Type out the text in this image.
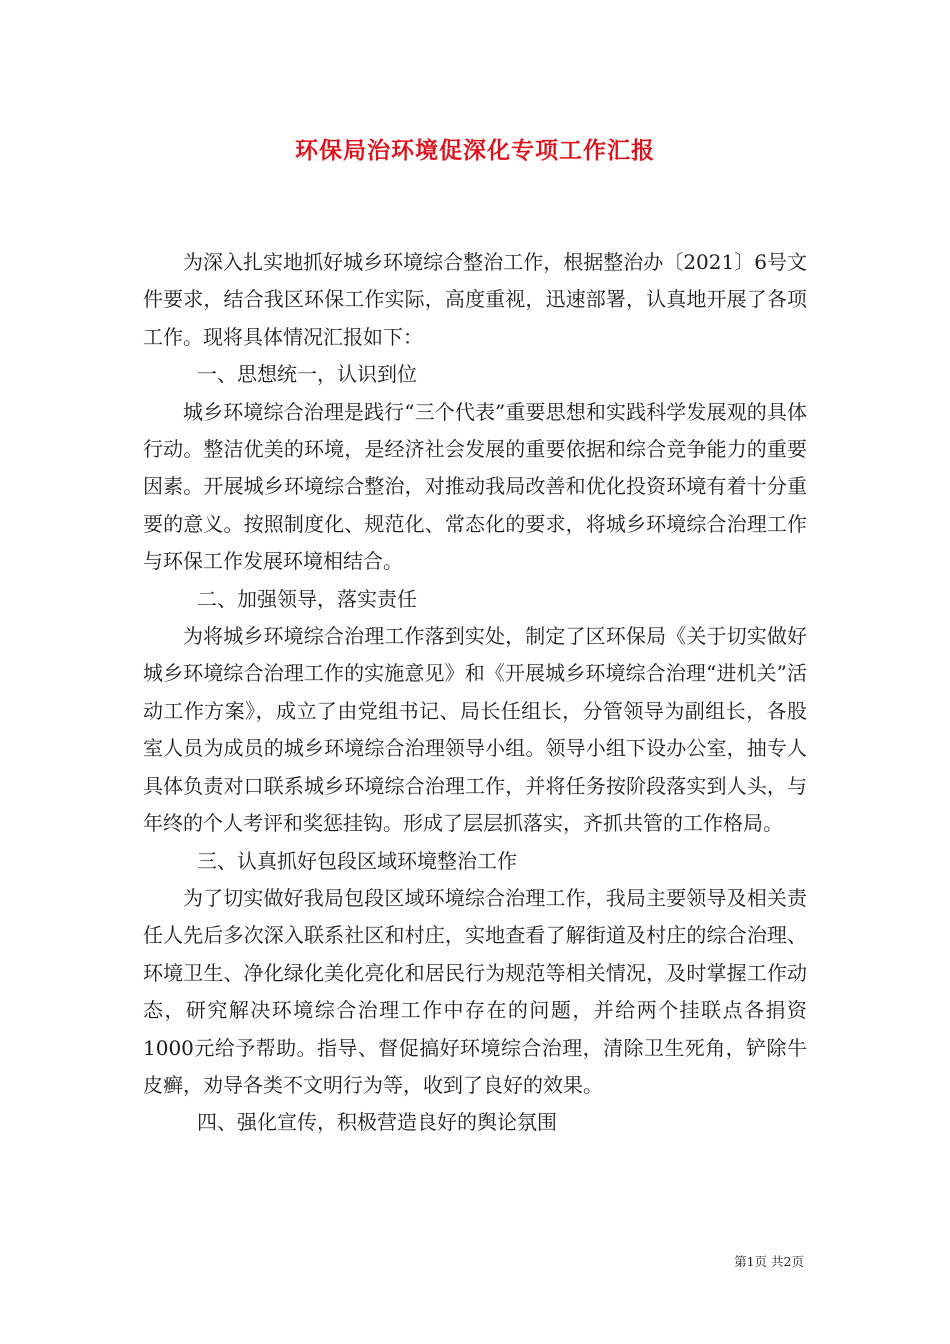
环保局治环境促深化专项工作汇报

为深入扎实地抓好城乡环境综合整治工作，根据整治办〔2021〕6号文件要求，结合我区环保工作实际，高度重视，迅速部署，认真地开展了各项工作。现将具体情况汇报如下：

一、思想统一，认识到位

城乡环境综合治理是践行“三个代表”重要思想和实践科学发展观的具体行动。整洁优美的环境，是经济社会发展的重要依据和综合竞争能力的重要因素。开展城乡环境综合整治，对推动我局改善和优化投资环境有着十分重要的意义。按照制度化、规范化、常态化的要求，将城乡环境综合治理工作与环保工作发展环境相结合。

二、加强领导，落实责任

为将城乡环境综合治理工作落到实处，制定了区环保局《关于切实做好城乡环境综合治理工作的实施意见》和《开展城乡环境综合治理“进机关”活动工作方案》，成立了由党组书记、局长任组长，分管领导为副组长，各股室人员为成员的城乡环境综合治理领导小组。领导小组下设办公室，抽专人具体负责对口联系城乡环境综合治理工作，并将任务按阶段落实到人头，与年终的个人考评和奖惩挂钩。形成了层层抓落实，齐抓共管的工作格局。

三、认真抓好包段区域环境整治工作

为了切实做好我局包段区域环境综合治理工作，我局主要领导及相关责任人先后多次深入联系社区和村庄，实地查看了解街道及村庄的综合治理、环境卫生、净化绿化美化亮化和居民行为规范等相关情况，及时掌握工作动态，研究解决环境综合治理工作中存在的问题，并给两个挂联点各捐资1000元给予帮助。指导、督促搞好环境综合治理，清除卫生死角，铲除牛皮癣，劝导各类不文明行为等，收到了良好的效果。

四、强化宣传，积极营造良好的舆论氛围

第1页 共2页
